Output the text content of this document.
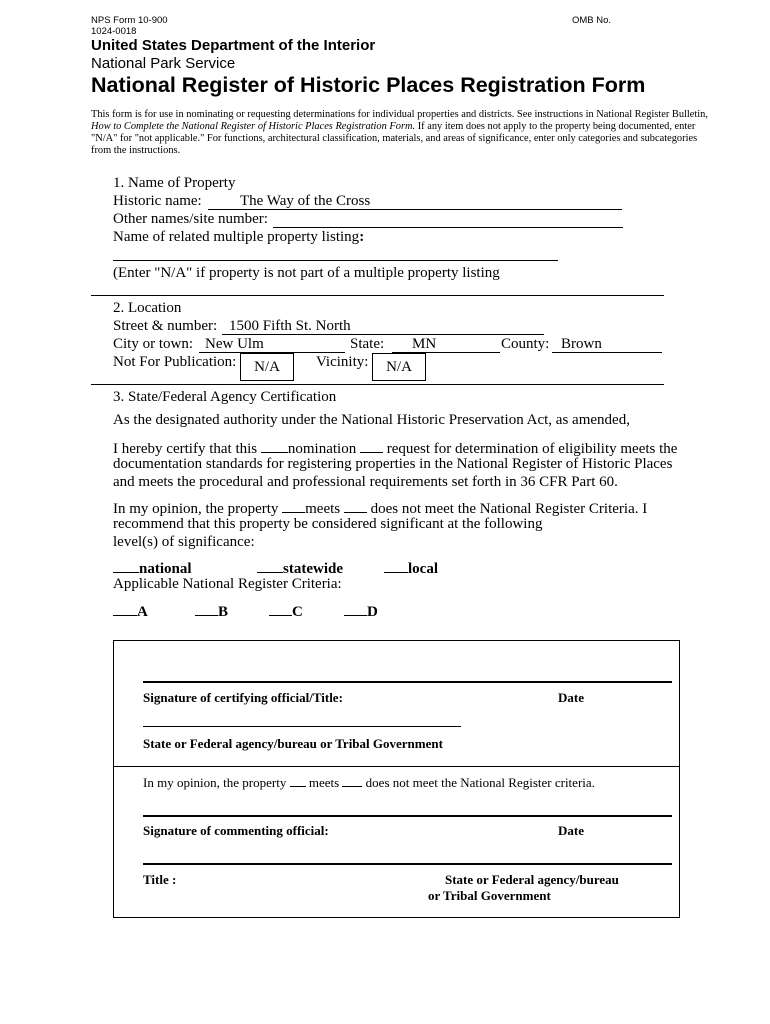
NPS Form 10-900
1024-0018
OMB No.
United States Department of the Interior
National Park Service
National Register of Historic Places Registration Form
This form is for use in nominating or requesting determinations for individual properties and districts. See instructions in National Register Bulletin,
How to Complete the National Register of Historic Places Registration Form. If any item does not apply to the property being documented, enter
"N/A" for "not applicable." For functions, architectural classification, materials, and areas of significance, enter only categories and subcategories
from the instructions.
1. Name of Property
Historic name:	The Way of the Cross
Other names/site number:
Name of related multiple property listing:
(Enter "N/A" if property is not part of a multiple property listing
2. Location
Street & number: 1500 Fifth St. North
City or town: New Ulm	State: MN	County: Brown
Not For Publication:	N/A	Vicinity:	N/A
3. State/Federal Agency Certification
As the designated authority under the National Historic Preservation Act, as amended,
I hereby certify that this nomination  request for determination of eligibility meets the
documentation standards for registering properties in the National Register of Historic Places
and meets the procedural and professional requirements set forth in 36 CFR Part 60.
In my opinion, the property meets  does not meet the National Register Criteria. I
recommend that this property be considered significant at the following
level(s) of significance:
national	statewide	local
Applicable National Register Criteria:
A	B	C	D
Signature of certifying official/Title:	Date
State or Federal agency/bureau or Tribal Government
In my opinion, the property  meets  does not meet the National Register criteria.
Signature of commenting official:	Date
Title :	State or Federal agency/bureau
or Tribal Government
